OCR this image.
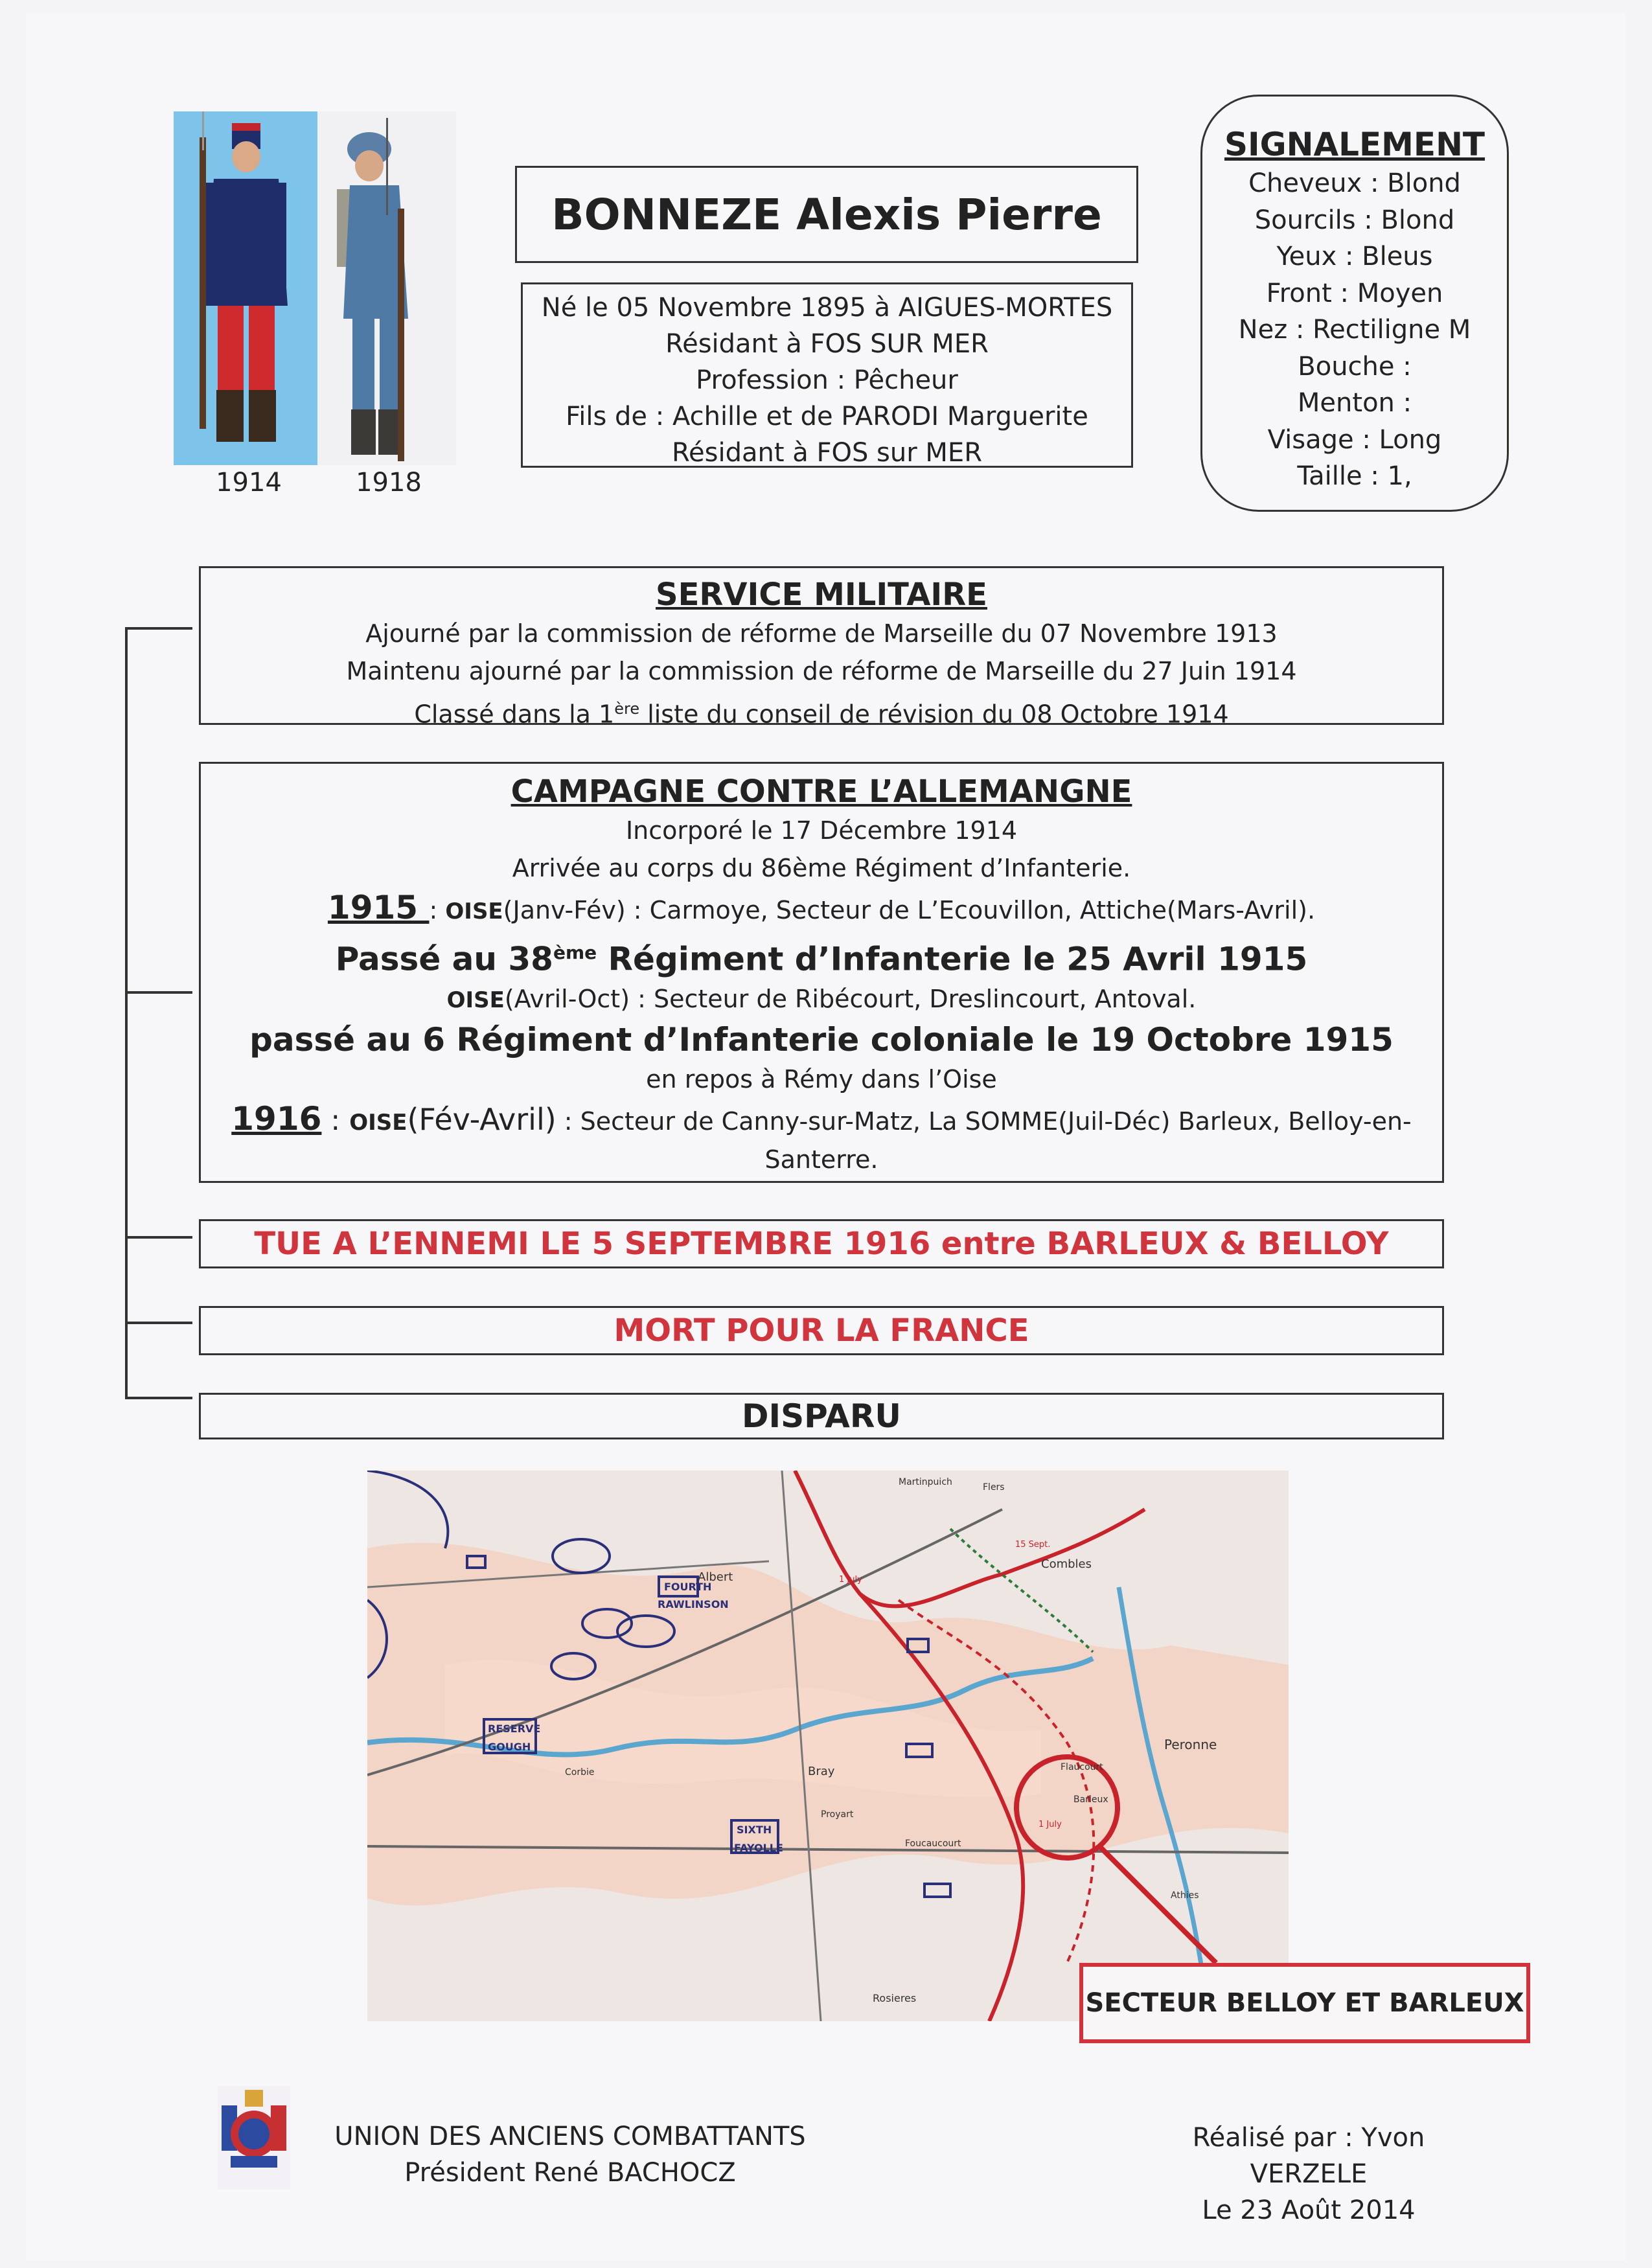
1914	1918
BONNEZE Alexis Pierre
Né le 05 Novembre 1895 à AIGUES-MORTES
Résidant à FOS SUR MER
Profession : Pêcheur
Fils de : Achille et de PARODI Marguerite
Résidant à FOS sur MER
SIGNALEMENT
Cheveux : Blond
Sourcils : Blond
Yeux : Bleus
Front : Moyen
Nez : Rectiligne M
Bouche :
Menton :
Visage : Long
Taille : 1,
SERVICE MILITAIRE
Ajourné par la commission de réforme de Marseille du 07 Novembre 1913
Maintenu ajourné par la commission de réforme de Marseille du 27 Juin 1914
Classé dans la 1ère liste du conseil de révision du 08 Octobre 1914
CAMPAGNE CONTRE L’ALLEMANGNE
Incorporé le 17 Décembre 1914
Arrivée au corps du 86ème Régiment d’Infanterie.
1915 : OISE(Janv-Fév) : Carmoye, Secteur de L’Ecouvillon, Attiche(Mars-Avril).
Passé au 38ème Régiment d’Infanterie le 25 Avril 1915
OISE(Avril-Oct) : Secteur de Ribécourt, Dreslincourt, Antoval.
passé au 6 Régiment d’Infanterie coloniale le 19 Octobre 1915
en repos à Rémy dans l’Oise
1916 : OISE(Fév-Avril) : Secteur de Canny-sur-Matz, La SOMME(Juil-Déc) Barleux, Belloy-en-
Santerre.
TUE A L’ENNEMI LE 5 SEPTEMBRE 1916 entre BARLEUX & BELLOY
MORT POUR LA FRANCE
DISPARU
Albert
Bray
Peronne
Combles
Barleux
Flaucourt
Rosieres
Proyart
Foucaucourt
Corbie
Athies
Martinpuich	Flers
FOURTH
RAWLINSON
RESERVE
GOUGH
SIXTH
FAYOLLE
1 July
15 Sept.
1 July
SECTEUR BELLOY ET BARLEUX
UNION DES ANCIENS COMBATTANTS
Président René BACHOCZ
Réalisé par : Yvon VERZELE
Le 23 Août 2014
